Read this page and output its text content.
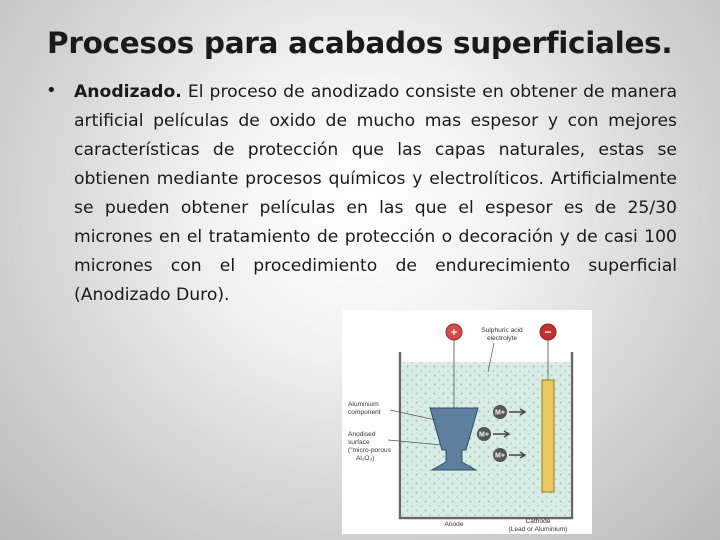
Procesos para acabados superficiales.
• Anodizado. El proceso de anodizado consiste en obtener de manera artificial películas de oxido de mucho mas espesor y con mejores características de protección que las capas naturales, estas se obtienen mediante procesos químicos y electrolíticos. Artificialmente se pueden obtener películas en las que el espesor es de 25/30 micrones en el tratamiento de protección o decoración y de casi 100 micrones con el procedimiento de endurecimiento superficial (Anodizado Duro).
+	−
Sulphuric acid
electrolyte
M+
M+
M+
Aluminium
component
Anodised
surface
("micro-porous
Al₂O₃)
Anode	Cathode
(Lead or Aluminium)
